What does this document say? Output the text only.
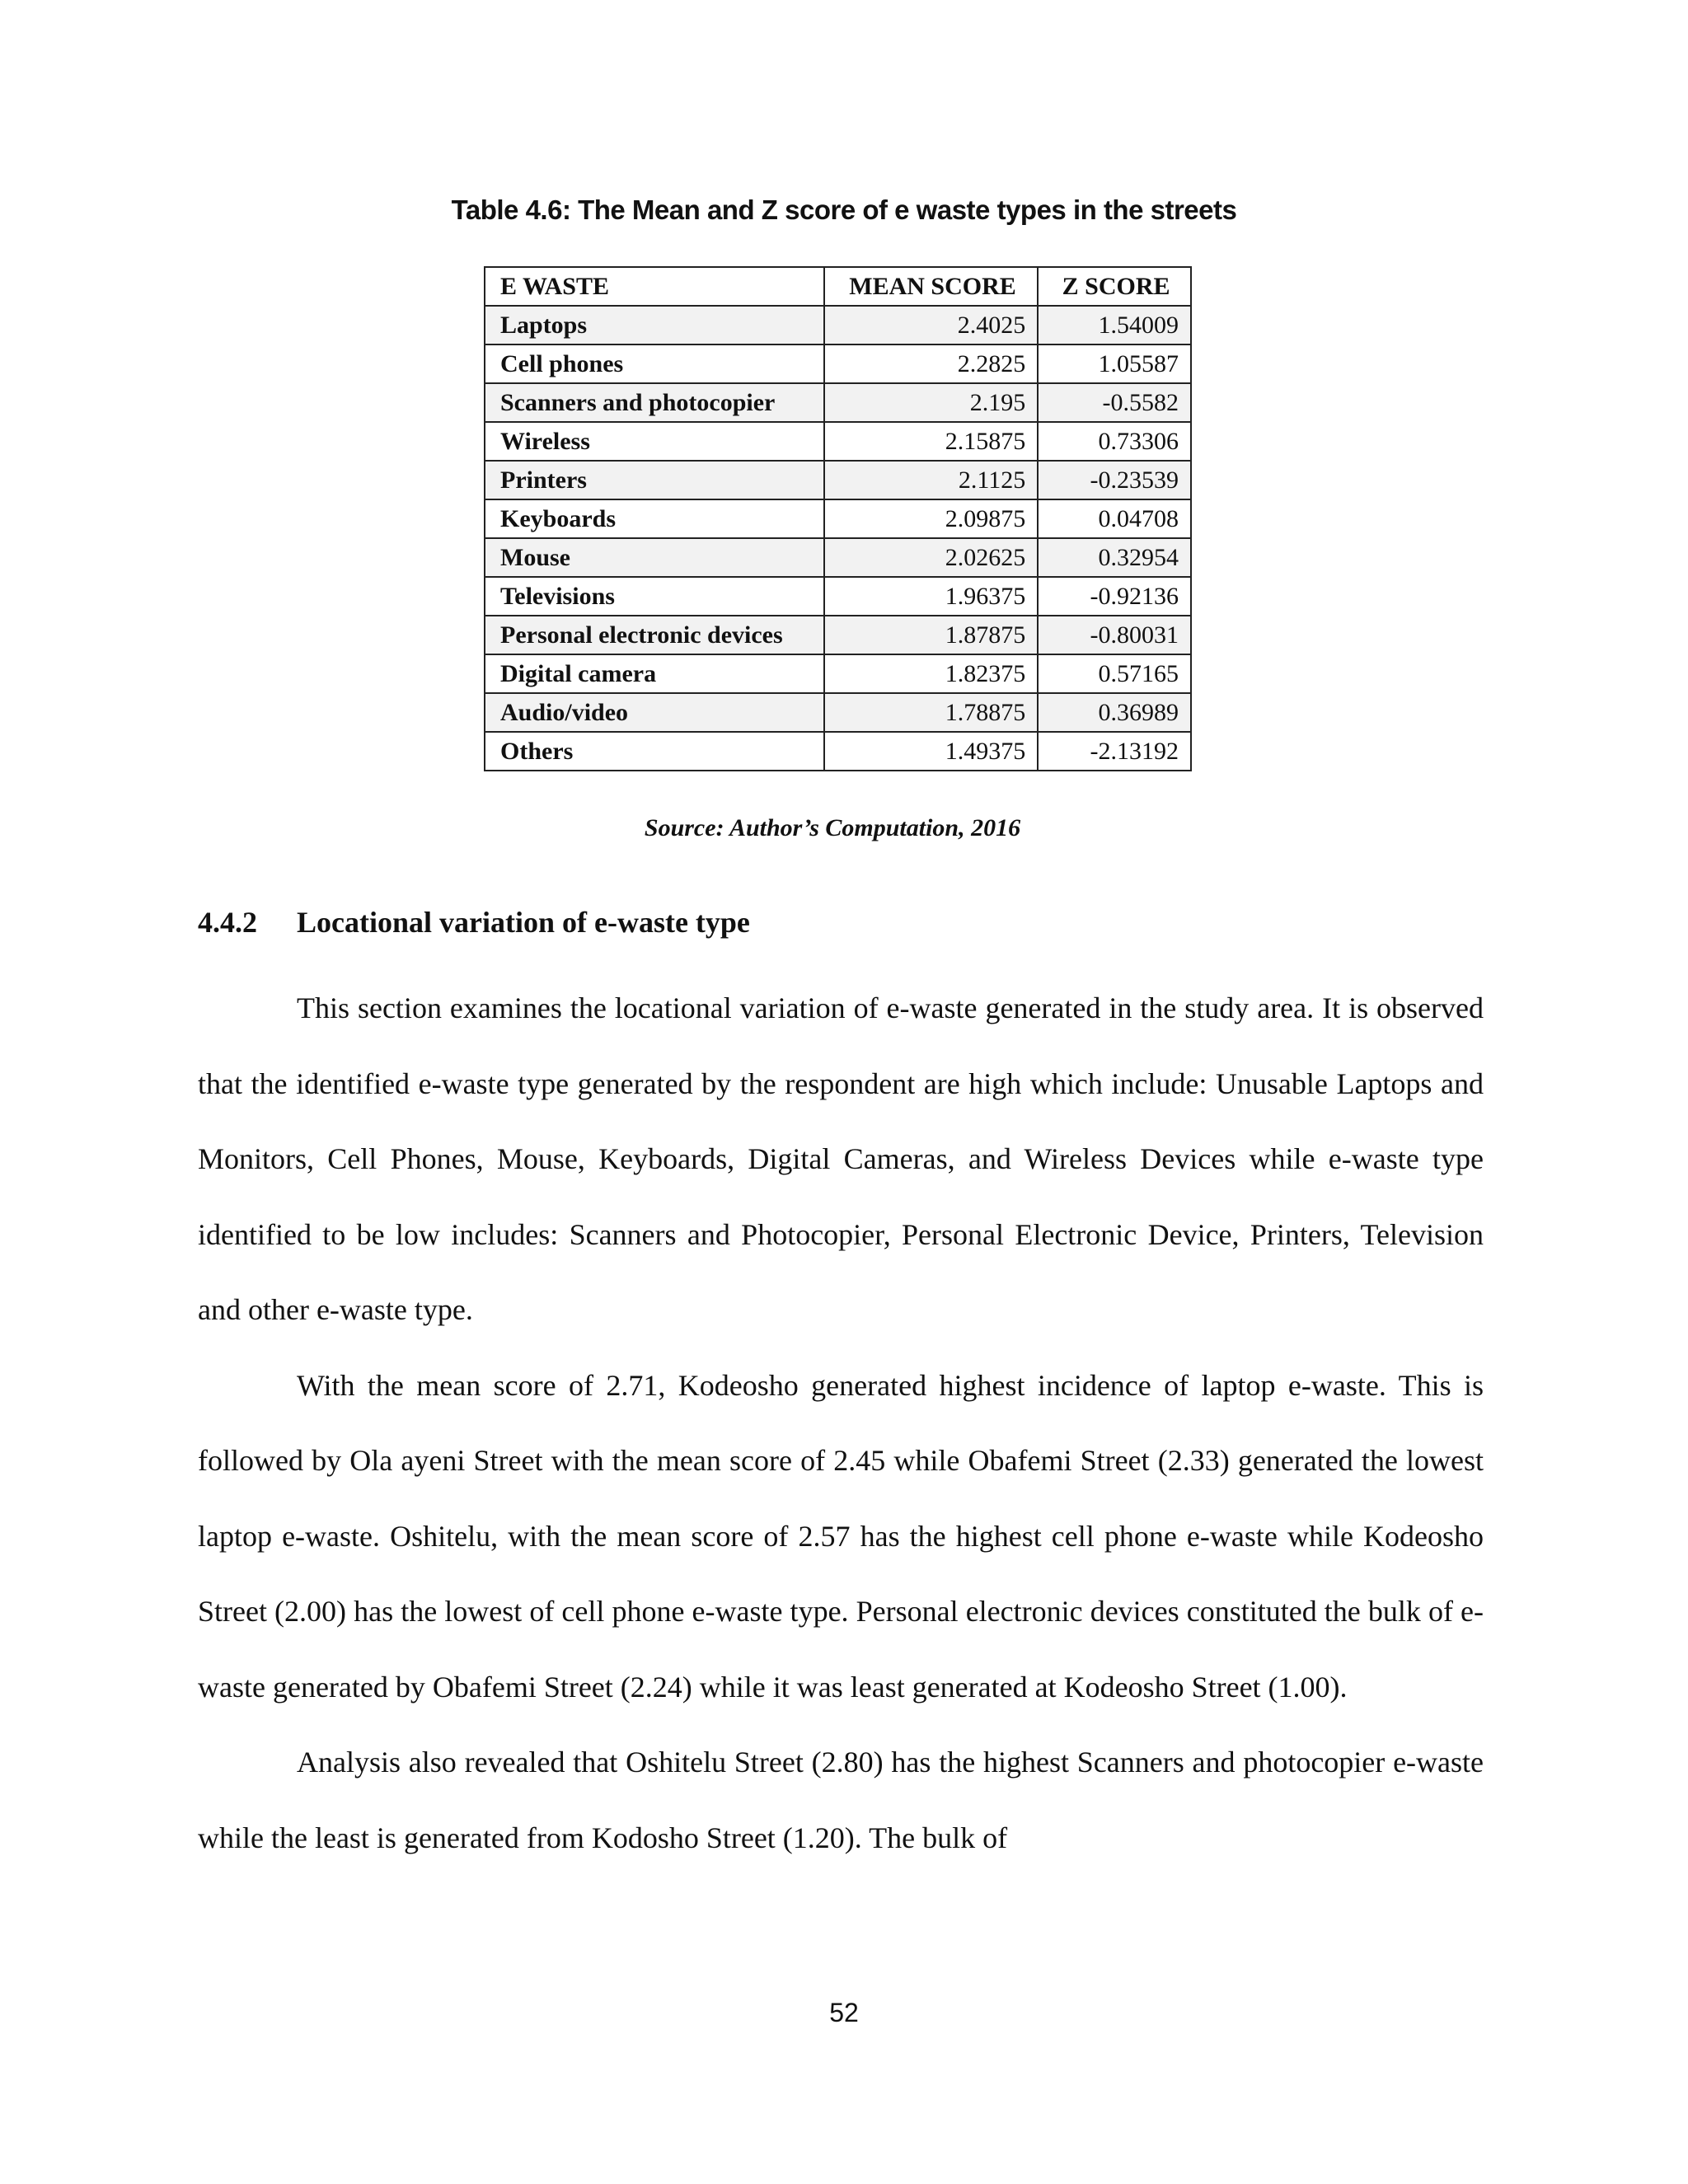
Table 4.6: The Mean and Z score of e waste types in the streets
E WASTE	MEAN SCORE	Z SCORE
Laptops	2.4025	1.54009
Cell phones	2.2825	1.05587
Scanners and photocopier	2.195	-0.5582
Wireless	2.15875	0.73306
Printers	2.1125	-0.23539
Keyboards	2.09875	0.04708
Mouse	2.02625	0.32954
Televisions	1.96375	-0.92136
Personal electronic devices	1.87875	-0.80031
Digital camera	1.82375	0.57165
Audio/video	1.78875	0.36989
Others	1.49375	-2.13192
Source: Author’s Computation, 2016
4.4.2 Locational variation of e-waste type

This section examines the locational variation of e-waste generated in the study area. It is observed that the identified e-waste type generated by the respondent are high which include: Unusable Laptops and Monitors, Cell Phones, Mouse, Keyboards, Digital Cameras, and Wireless Devices while e-waste type identified to be low includes: Scanners and Photocopier, Personal Electronic Device, Printers, Television and other e-waste type.

With the mean score of 2.71, Kodeosho generated highest incidence of laptop e-waste. This is followed by Ola ayeni Street with the mean score of 2.45 while Obafemi Street (2.33) generated the lowest laptop e-waste. Oshitelu, with the mean score of 2.57 has the highest cell phone e-waste while Kodeosho Street (2.00) has the lowest of cell phone e-waste type. Personal electronic devices constituted the bulk of e-waste generated by Obafemi Street (2.24) while it was least generated at Kodeosho Street (1.00).

Analysis also revealed that Oshitelu Street (2.80) has the highest Scanners and photocopier e-waste while the least is generated from Kodosho Street (1.20). The bulk of

52
